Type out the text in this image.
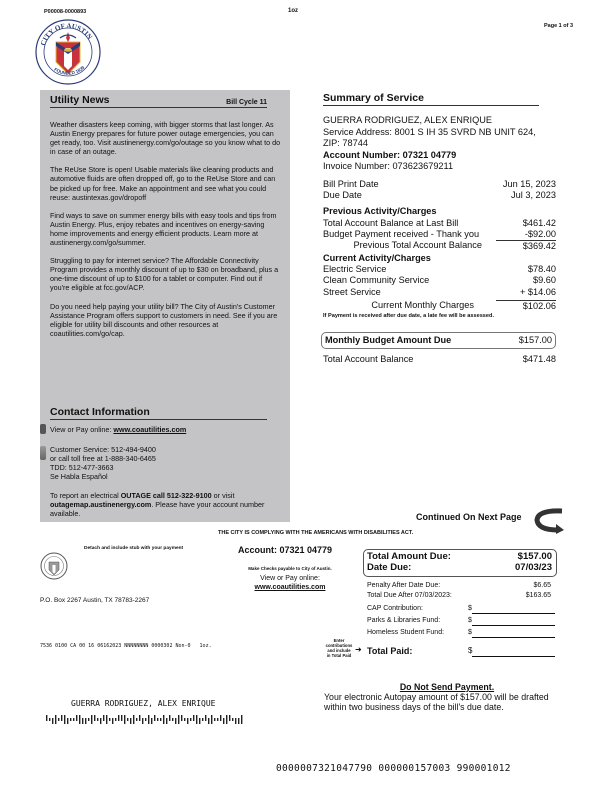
P00008-0000893	1oz
Page 1 of 3
CITY OF AUSTIN
FOUNDED 1839
Utility News	Bill Cycle 11

Weather disasters keep coming, with bigger storms that last longer. As Austin Energy prepares for future power outage emergencies, you can get ready, too. Visit austinenergy.com/go/outage so you know what to do in case of an outage.

The ReUse Store is open! Usable materials like cleaning products and automotive fluids are often dropped off, go to the ReUse Store and can be picked up for free. Make an appointment and see what you could reuse: austintexas.gov/dropoff

Find ways to save on summer energy bills with easy tools and tips from Austin Energy. Plus, enjoy rebates and incentives on energy-saving home improvements and energy efficient products. Learn more at austinenergy.com/go/summer.

Struggling to pay for internet service? The Affordable Connectivity Program provides a monthly discount of up to $30 on broadband, plus a one-time discount of up to $100 for a tablet or computer. Find out if you're eligible at fcc.gov/ACP.

Do you need help paying your utility bill? The City of Austin's Customer Assistance Program offers support to customers in need. See if you are eligible for utility bill discounts and other resources at coautilities.com/go/cap.

Contact Information
View or Pay online: www.coautilities.com
Customer Service: 512-494-9400
or call toll free at 1-888-340-6465
TDD: 512-477-3663
Se Habla Español
To report an electrical OUTAGE call 512-322-9100 or visit outagemap.austinenergy.com. Please have your account number available.
Summary of Service
GUERRA RODRIGUEZ, ALEX ENRIQUE
Service Address: 8001 S IH 35 SVRD NB UNIT 624,
ZIP: 78744
Account Number: 07321 04779
Invoice Number: 073623679211
Bill Print Date	Jun 15, 2023
Due Date	Jul 3, 2023
Previous Activity/Charges
Total Account Balance at Last Bill	$461.42
Budget Payment received - Thank you	-$92.00
Previous Total Account Balance	$369.42
Current Activity/Charges
Electric Service	$78.40
Clean Community Service	$9.60
Street Service	+ $14.06
Current Monthly Charges	$102.06
If Payment is received after due date, a late fee will be assessed.
Monthly Budget Amount Due	$157.00
Total Account Balance	$471.48
Continued On Next Page
THE CITY IS COMPLYING WITH THE AMERICANS WITH DISABILITIES ACT.
Detach and include stub with your payment
P.O. Box 2267 Austin, TX 78783-2267
Account: 07321 04779
Make Checks payable to City of Austin.
View or Pay online:
www.coautilities.com
Total Amount Due:	$157.00
Date Due:	07/03/23
Penalty After Date Due:	$6.65
Total Due After 07/03/2023:	$163.65
CAP Contribution:	$
Parks & Libraries Fund:	$
Homeless Student Fund:	$
Enter
contributions
and include
in Total Paid
➜ Total Paid:	$
7536 0100 CA 00 16 06162023 NNNNNNNN 0000302 Non-0   1oz.
Do Not Send Payment.
Your electronic Autopay amount of $157.00 will be drafted within two business days of the bill's due date.
GUERRA RODRIGUEZ, ALEX ENRIQUE
0000007321047790 000000157003 990001012
